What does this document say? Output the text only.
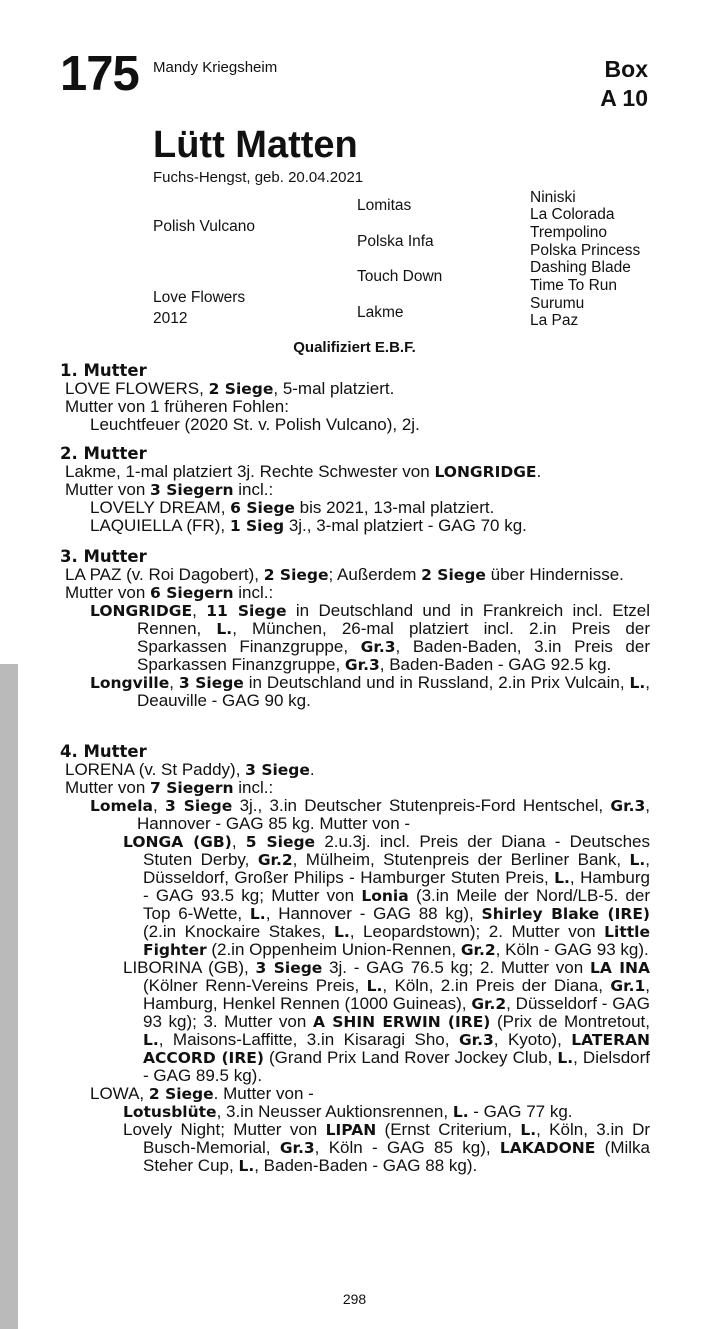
175 Mandy Kriegsheim	Box
A 10
Lütt Matten
Fuchs-Hengst, geb. 20.04.2021
Polish Vulcano
Love Flowers
2012
Lomitas
Polska Infa
Touch Down
Lakme
Niniski
La Colorada
Trempolino
Polska Princess
Dashing Blade
Time To Run
Surumu
La Paz
Qualifiziert E.B.F.
1. Mutter

LOVE FLOWERS, 2 Siege, 5-mal platziert.

Mutter von 1 früheren Fohlen:

Leuchtfeuer (2020 St. v. Polish Vulcano), 2j.

2. Mutter

Lakme, 1-mal platziert 3j. Rechte Schwester von LONGRIDGE.

Mutter von 3 Siegern incl.:

LOVELY DREAM, 6 Siege bis 2021, 13-mal platziert.

LAQUIELLA (FR), 1 Sieg 3j., 3-mal platziert - GAG 70 kg.

3. Mutter

LA PAZ (v. Roi Dagobert), 2 Siege; Außerdem 2 Siege über Hindernisse.

Mutter von 6 Siegern incl.:

LONGRIDGE, 11 Siege in Deutschland und in Frankreich incl. Etzel Rennen, L., München, 26-mal platziert incl. 2.in Preis der Sparkassen Finanzgruppe, Gr.3, Baden-Baden, 3.in Preis der Sparkassen Finanzgruppe, Gr.3, Baden-Baden - GAG 92.5 kg.

Longville, 3 Siege in Deutschland und in Russland, 2.in Prix Vulcain, L., Deauville - GAG 90 kg.

4. Mutter

LORENA (v. St Paddy), 3 Siege.

Mutter von 7 Siegern incl.:

Lomela, 3 Siege 3j., 3.in Deutscher Stutenpreis-Ford Hentschel, Gr.3, Hannover - GAG 85 kg. Mutter von -

LONGA (GB), 5 Siege 2.u.3j. incl. Preis der Diana - Deutsches Stuten Derby, Gr.2, Mülheim, Stutenpreis der Berliner Bank, L., Düsseldorf, Großer Philips - Hamburger Stuten Preis, L., Hamburg - GAG 93.5 kg; Mutter von Lonia (3.in Meile der Nord/LB-5. der Top 6-Wette, L., Hannover - GAG 88 kg), Shirley Blake (IRE) (2.in Knockaire Stakes, L., Leopardstown); 2. Mutter von Little Fighter (2.in Oppenheim Union-Rennen, Gr.2, Köln - GAG 93 kg).

LIBORINA (GB), 3 Siege 3j. - GAG 76.5 kg; 2. Mutter von LA INA (Kölner Renn-Vereins Preis, L., Köln, 2.in Preis der Diana, Gr.1, Hamburg, Henkel Rennen (1000 Guineas), Gr.2, Düsseldorf - GAG 93 kg); 3. Mutter von A SHIN ERWIN (IRE) (Prix de Montretout, L., Maisons-Laffitte, 3.in Kisaragi Sho, Gr.3, Kyoto), LATERAN ACCORD (IRE) (Grand Prix Land Rover Jockey Club, L., Dielsdorf - GAG 89.5 kg).

LOWA, 2 Siege. Mutter von -

Lotusblüte, 3.in Neusser Auktionsrennen, L. - GAG 77 kg.

Lovely Night; Mutter von LIPAN (Ernst Criterium, L., Köln, 3.in Dr Busch-Memorial, Gr.3, Köln - GAG 85 kg), LAKADONE (Milka Steher Cup, L., Baden-Baden - GAG 88 kg).

298
